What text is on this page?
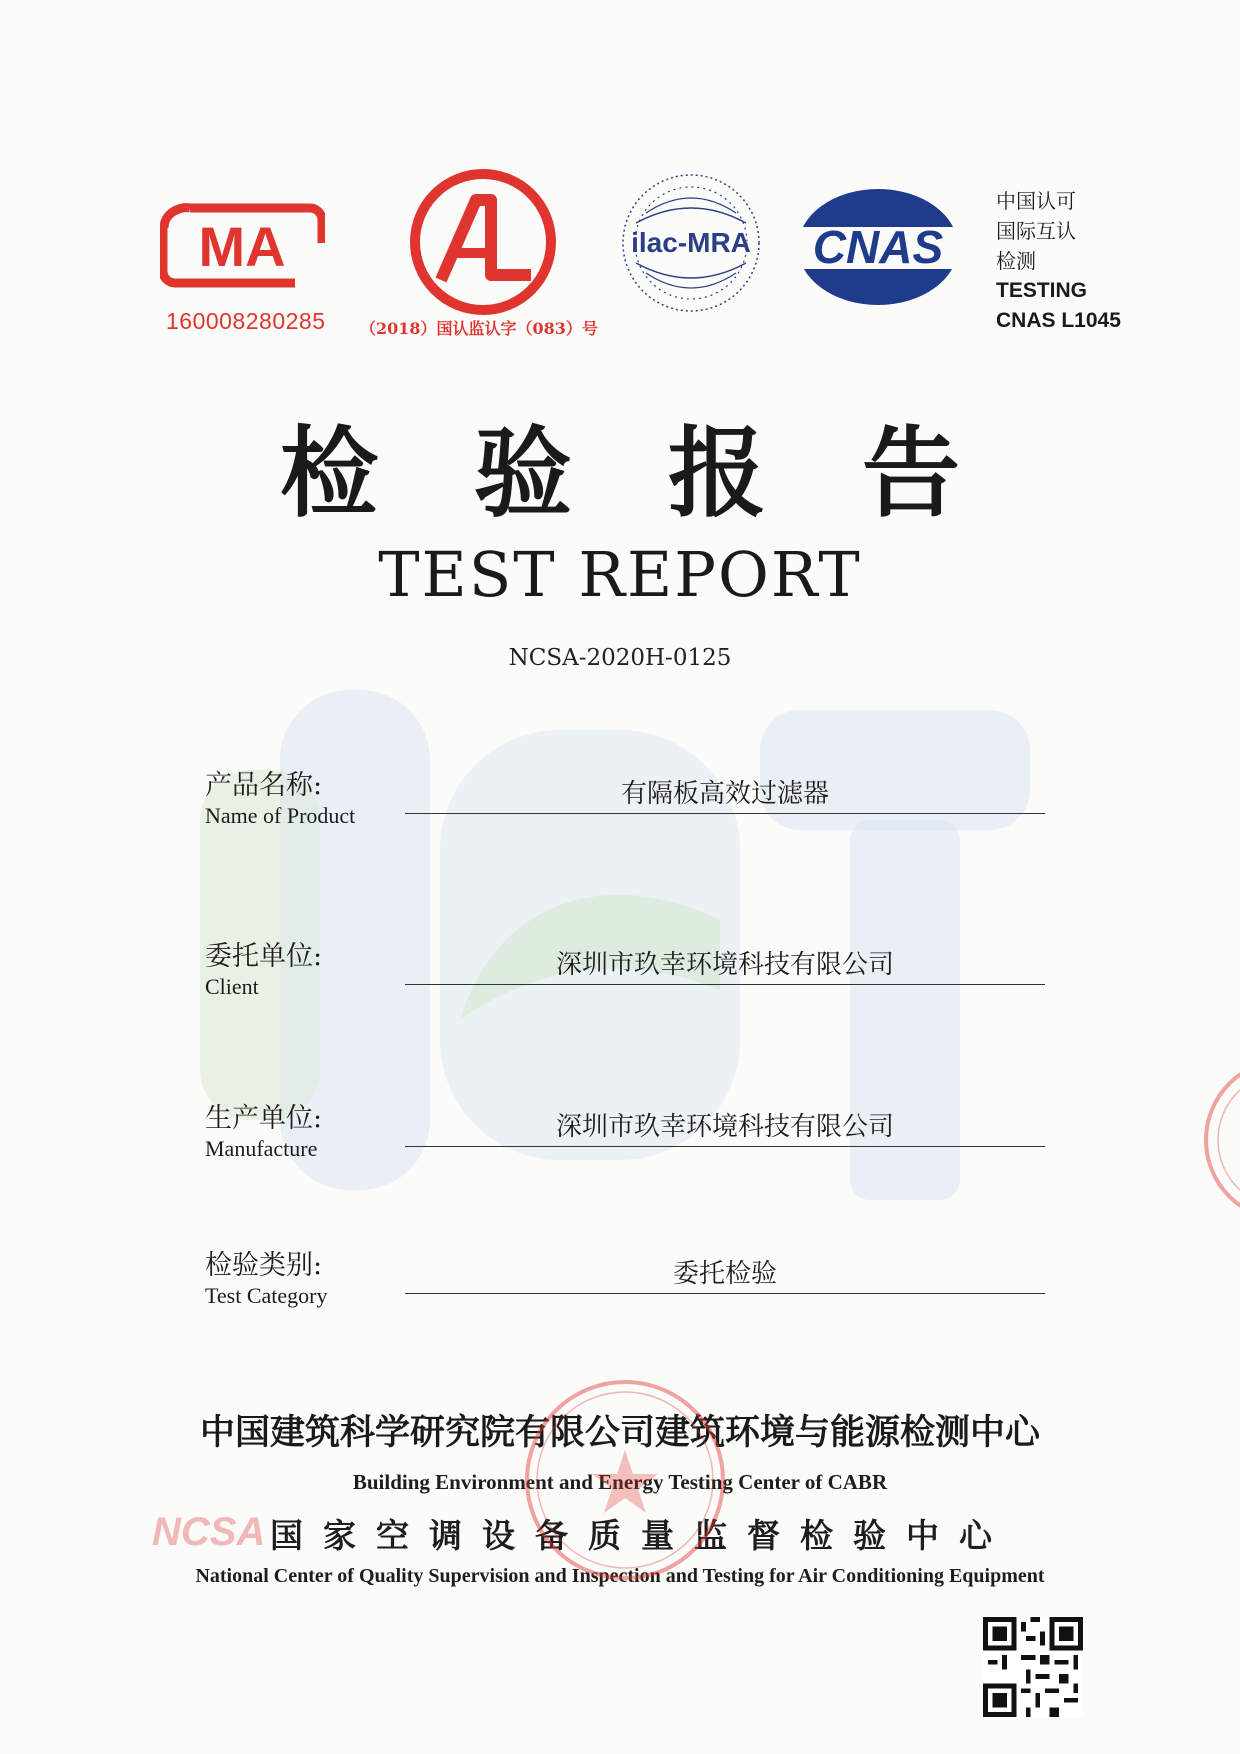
MA
160008280285 （2018）国认监认字（083）号
ilac-MRA CNAS
中国认可
国际互认
检测
TESTING
CNAS L1045
检验报告
TEST REPORT
NCSA-2020H-0125
产品名称:
Name of Product
有隔板高效过滤器
委托单位:
Client
深圳市玖幸环境科技有限公司
生产单位:
Manufacture
深圳市玖幸环境科技有限公司
检验类别:
Test Category
委托检验
中国建筑科学研究院有限公司建筑环境与能源检测中心
Building Environment and Energy Testing Center of CABR
NCSA 国家空调设备质量监督检验中心
National Center of Quality Supervision and Inspection and Testing for Air Conditioning Equipment
